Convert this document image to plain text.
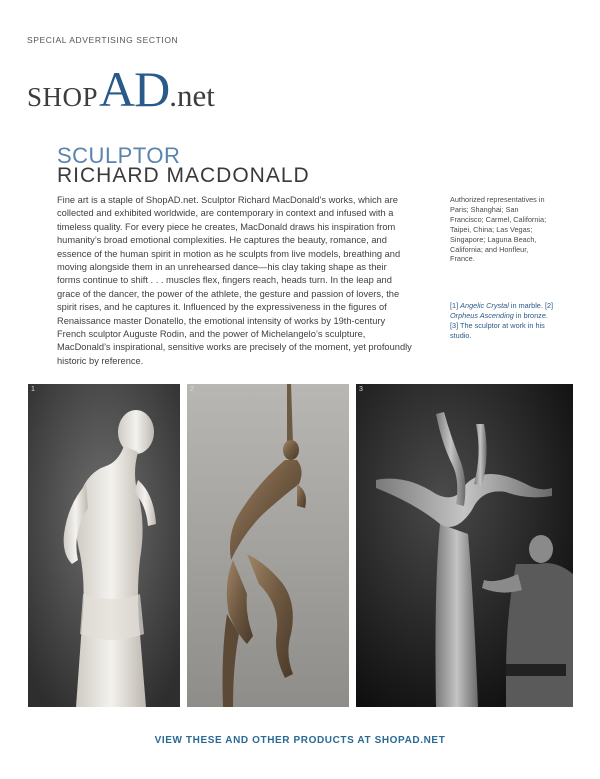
SPECIAL ADVERTISING SECTION
SHOPAD.net
SCULPTOR
RICHARD MACDONALD

Fine art is a staple of ShopAD.net. Sculptor Richard MacDonald’s works, which are collected and exhibited worldwide, are contemporary in context and infused with a timeless quality. For every piece he creates, MacDonald draws his inspiration from humanity’s broad emotional complexities. He captures the beauty, romance, and essence of the human spirit in motion as he sculpts from live models, breathing and moving alongside them in an unrehearsed dance—his clay taking shape as their forms continue to shift . . . muscles flex, fingers reach, heads turn. In the leap and grace of the dancer, the power of the athlete, the gesture and passion of lovers, the spirit rises, and he captures it. Influenced by the expressiveness in the figures of Renaissance master Donatello, the emotional intensity of works by 19th-century French sculptor Auguste Rodin, and the power of Michelangelo’s sculpture, MacDonald’s inspirational, sensitive works are precisely of the moment, yet profoundly historic by reference.

Authorized representatives in Paris; Shanghai; San Francisco; Carmel, California; Taipei, China; Las Vegas; Singapore; Laguna Beach, California; and Honfleur, France.

[1] Angelic Crystal in marble. [2] Orpheus Ascending in bronze. [3] The sculptor at work in his studio.
1	2	3
VIEW THESE AND OTHER PRODUCTS AT SHOPAD.NET
